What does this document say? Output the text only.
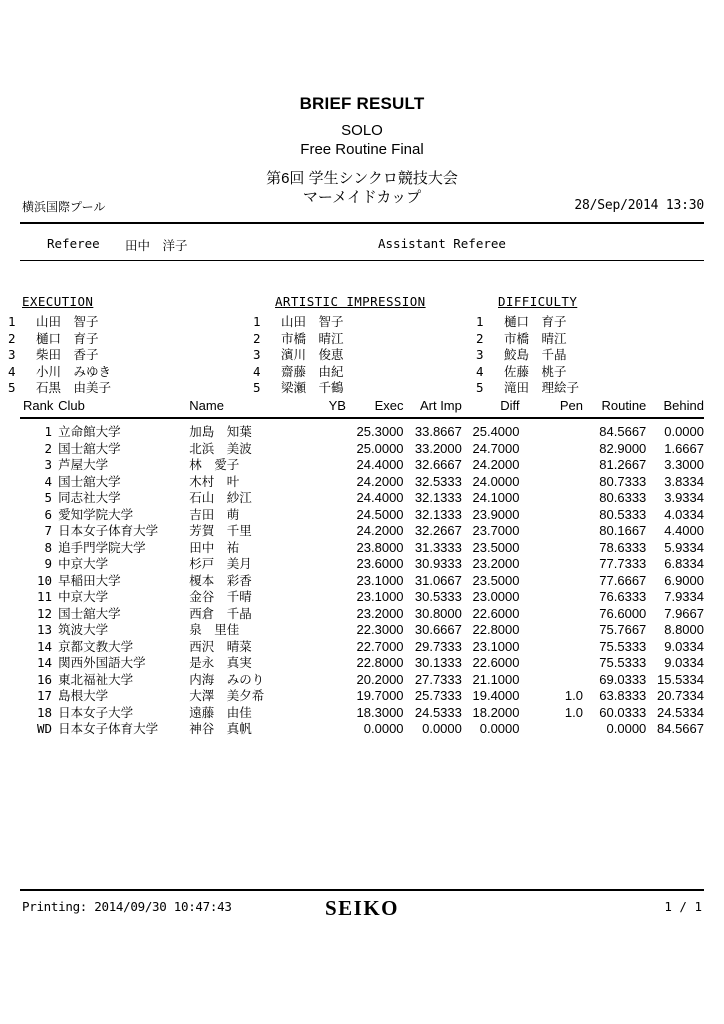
BRIEF RESULT
SOLO
Free Routine Final
第6回 学生シンクロ競技大会
マーメイドカップ
横浜国際プール	28/Sep/2014 13:30
Referee 田中　洋子	Assistant Referee
EXECUTION
1	山田　智子
2	樋口　育子
3	柴田　香子
4	小川　みゆき
5	石黒　由美子
ARTISTIC IMPRESSION
1	山田　智子
2	市橋　晴江
3	濱川　俊恵
4	齋藤　由紀
5	梁瀬　千鶴
DIFFICULTY
1	樋口　育子
2	市橋　晴江
3	鮫島　千晶
4	佐藤　桃子
5	滝田　理絵子
Rank	Club	Name	YB	Exec	Art Imp	Diff	Pen	Routine	Behind
1	立命館大学	加島　知葉		25.3000	33.8667	25.4000		84.5667	0.0000
2	国士舘大学	北浜　美波		25.0000	33.2000	24.7000		82.9000	1.6667
3	芦屋大学	林　愛子		24.4000	32.6667	24.2000		81.2667	3.3000
4	国士舘大学	木村　叶		24.2000	32.5333	24.0000		80.7333	3.8334
5	同志社大学	石山　紗江		24.4000	32.1333	24.1000		80.6333	3.9334
6	愛知学院大学	吉田　萌		24.5000	32.1333	23.9000		80.5333	4.0334
7	日本女子体育大学	芳賀　千里		24.2000	32.2667	23.7000		80.1667	4.4000
8	追手門学院大学	田中　祐		23.8000	31.3333	23.5000		78.6333	5.9334
9	中京大学	杉戸　美月		23.6000	30.9333	23.2000		77.7333	6.8334
10	早稲田大学	榎本　彩香		23.1000	31.0667	23.5000		77.6667	6.9000
11	中京大学	金谷　千晴		23.1000	30.5333	23.0000		76.6333	7.9334
12	国士舘大学	西倉　千晶		23.2000	30.8000	22.6000		76.6000	7.9667
13	筑波大学	泉　里佳		22.3000	30.6667	22.8000		75.7667	8.8000
14	京都文教大学	西沢　晴菜		22.7000	29.7333	23.1000		75.5333	9.0334
14	関西外国語大学	是永　真実		22.8000	30.1333	22.6000		75.5333	9.0334
16	東北福祉大学	内海　みのり		20.2000	27.7333	21.1000		69.0333	15.5334
17	島根大学	大澤　美夕希		19.7000	25.7333	19.4000	1.0	63.8333	20.7334
18	日本女子大学	遠藤　由佳		18.3000	24.5333	18.2000	1.0	60.0333	24.5334
WD	日本女子体育大学	神谷　真帆		0.0000	0.0000	0.0000		0.0000	84.5667
Printing: 2014/09/30 10:47:43	SEIKO	1 / 1
